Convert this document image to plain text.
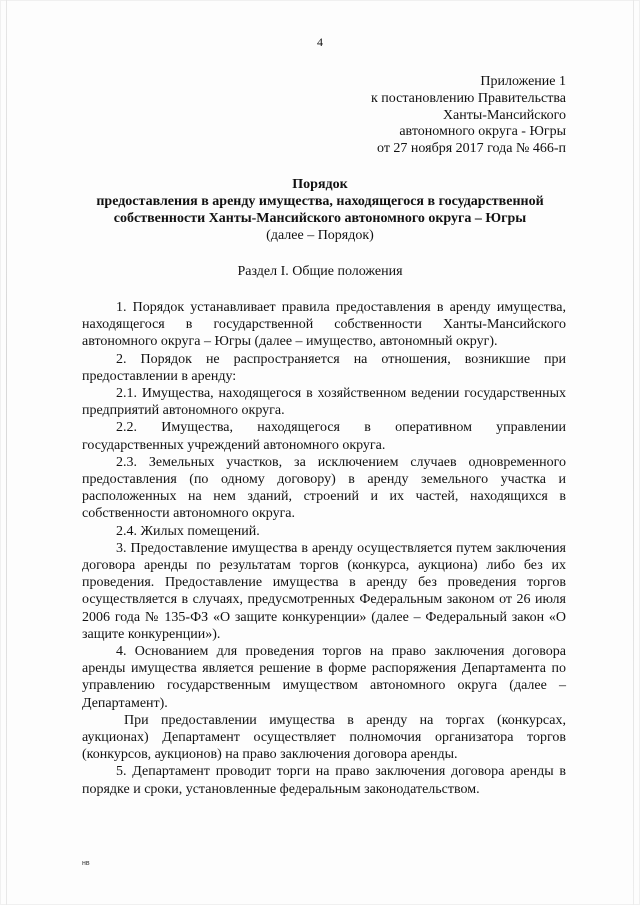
4
Приложение 1
к постановлению Правительства
Ханты-Мансийского
автономного округа - Югры
от 27 ноября 2017 года № 466-п
Порядок
предоставления в аренду имущества, находящегося в государственной собственности Ханты-Мансийского автономного округа – Югры
(далее – Порядок)
Раздел I. Общие положения

1. Порядок устанавливает правила предоставления в аренду имущества, находящегося в государственной собственности Ханты-Мансийского автономного округа – Югры (далее – имущество, автономный округ).

2. Порядок не распространяется на отношения, возникшие при предоставлении в аренду:

2.1. Имущества, находящегося в хозяйственном ведении государственных предприятий автономного округа.

2.2. Имущества, находящегося в оперативном управлении государственных учреждений автономного округа.

2.3. Земельных участков, за исключением случаев одновременного предоставления (по одному договору) в аренду земельного участка и расположенных на нем зданий, строений и их частей, находящихся в собственности автономного округа.

2.4. Жилых помещений.

3. Предоставление имущества в аренду осуществляется путем заключения договора аренды по результатам торгов (конкурса, аукциона) либо без их проведения. Предоставление имущества в аренду без проведения торгов осуществляется в случаях, предусмотренных Федеральным законом от 26 июля 2006 года № 135-ФЗ «О защите конкуренции» (далее – Федеральный закон «О защите конкуренции»).

4. Основанием для проведения торгов на право заключения договора аренды имущества является решение в форме распоряжения Департамента по управлению государственным имуществом автономного округа (далее – Департамент).

При предоставлении имущества в аренду на торгах (конкурсах, аукционах) Департамент осуществляет полномочия организатора торгов (конкурсов, аукционов) на право заключения договора аренды.

5. Департамент проводит торги на право заключения договора аренды в порядке и сроки, установленные федеральным законодательством.

нв
